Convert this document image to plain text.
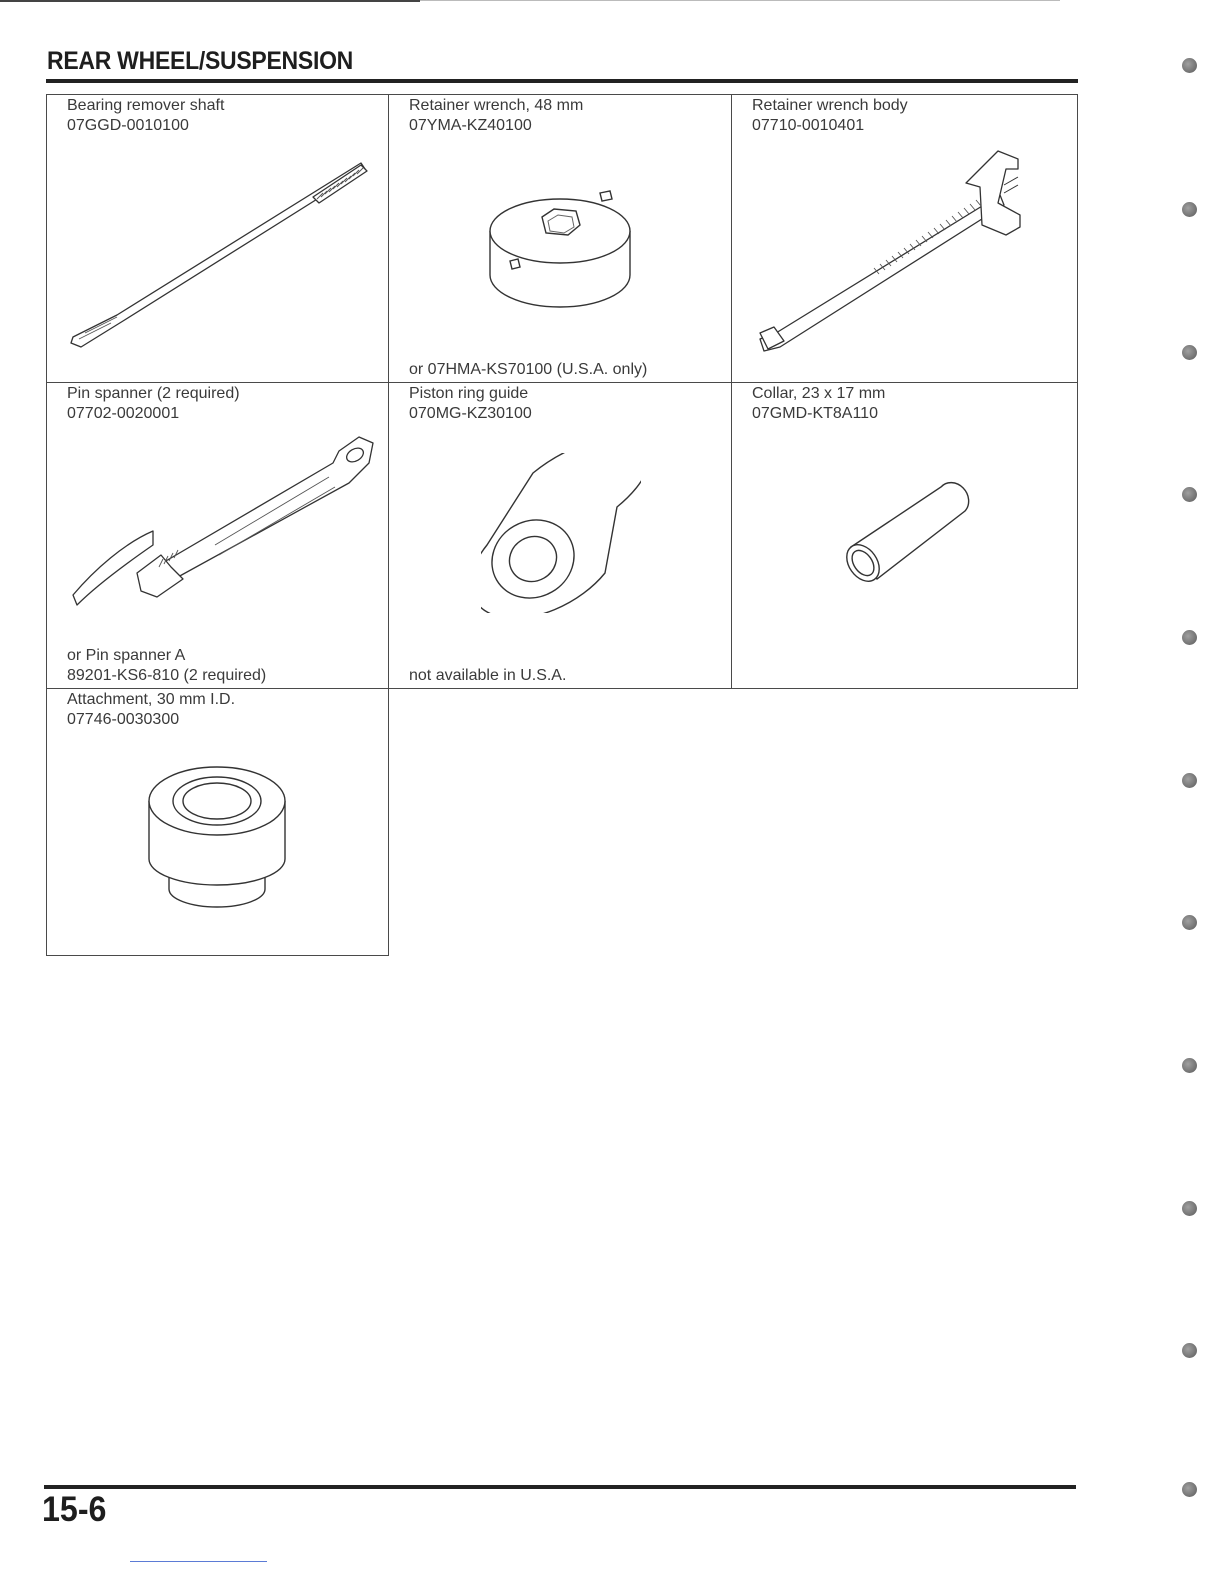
REAR WHEEL/SUSPENSION
Bearing remover shaft
07GGD-0010100
Retainer wrench, 48 mm
07YMA-KZ40100
or 07HMA-KS70100 (U.S.A. only)
Retainer wrench body
07710-0010401
Pin spanner (2 required)
07702-0020001
or Pin spanner A
89201-KS6-810 (2 required)
Piston ring guide
070MG-KZ30100
not available in U.S.A.
Collar, 23 x 17 mm
07GMD-KT8A110
Attachment, 30 mm I.D.
07746-0030300
15-6
